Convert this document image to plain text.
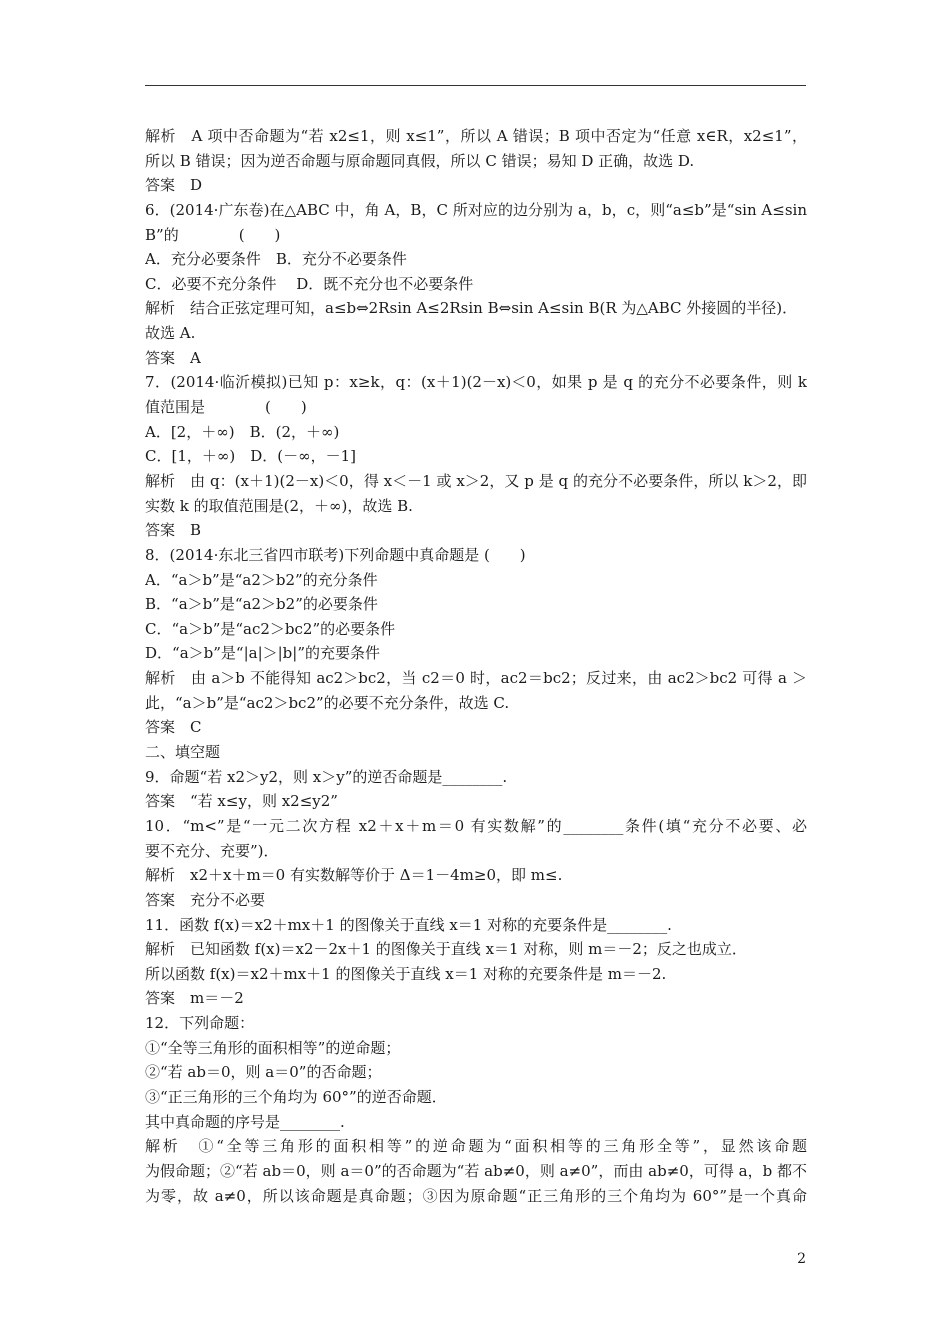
解析　A 项中否命题为“若 x2≤1，则 x≤1”，所以 A 错误；B 项中否定为“任意 x∈R，x2≤1”，
所以 B 错误；因为逆否命题与原命题同真假，所以 C 错误；易知 D 正确，故选 D.
答案　D
6．(2014·广东卷)在△ABC 中，角 A，B，C 所对应的边分别为 a，b，c，则“a≤b”是“sin A≤sin
B”的　　　　(　　)
A．充分必要条件　B．充分不必要条件
C．必要不充分条件　 D．既不充分也不必要条件
解析　结合正弦定理可知，a≤b⇔2Rsin A≤2Rsin B⇔sin A≤sin B(R 为△ABC 外接圆的半径)．
故选 A.
答案　A
7．(2014·临沂模拟)已知 p：x≥k，q：(x＋1)(2－x)＜0，如果 p 是 q 的充分不必要条件，则 k
值范围是　　　　(　　)
A．[2，＋∞)　B．(2，＋∞)
C．[1，＋∞)　D．(－∞，－1]
解析　由 q：(x＋1)(2－x)＜0，得 x＜－1 或 x＞2，又 p 是 q 的充分不必要条件，所以 k＞2，即
实数 k 的取值范围是(2，＋∞)，故选 B.
答案　B
8．(2014·东北三省四市联考)下列命题中真命题是 (　　)
A．“a＞b”是“a2＞b2”的充分条件
B．“a＞b”是“a2＞b2”的必要条件
C．“a＞b”是“ac2＞bc2”的必要条件
D．“a＞b”是“|a|＞|b|”的充要条件
解析　由 a＞b 不能得知 ac2＞bc2，当 c2＝0 时，ac2＝bc2；反过来，由 ac2＞bc2 可得 a ＞
此，“a＞b”是“ac2＞bc2”的必要不充分条件，故选 C.
答案　C
二、填空题
9．命题“若 x2＞y2，则 x＞y”的逆否命题是________.
答案　“若 x≤y，则 x2≤y2”
10．“m<”是“一元二次方程 x2＋x＋m＝0 有实数解”的________条件(填“充分不必要、必
要不充分、充要”)．
解析　x2＋x＋m＝0 有实数解等价于 Δ＝1－4m≥0，即 m≤.
答案　充分不必要
11．函数 f(x)＝x2＋mx＋1 的图像关于直线 x＝1 对称的充要条件是________.
解析　已知函数 f(x)＝x2－2x＋1 的图像关于直线 x＝1 对称，则 m＝－2；反之也成立．
所以函数 f(x)＝x2＋mx＋1 的图像关于直线 x＝1 对称的充要条件是 m＝－2.
答案　m＝－2
12．下列命题：
①“全等三角形的面积相等”的逆命题；
②“若 ab＝0，则 a＝0”的否命题；
③“正三角形的三个角均为 60°”的逆否命题．
其中真命题的序号是________.
解析　①“全等三角形的面积相等”的逆命题为“面积相等的三角形全等”，显然该命题
为假命题；②“若 ab＝0，则 a＝0”的否命题为“若 ab≠0，则 a≠0”，而由 ab≠0，可得 a，b 都不
为零，故 a≠0，所以该命题是真命题；③因为原命题“正三角形的三个角均为 60°”是一个真命
2
